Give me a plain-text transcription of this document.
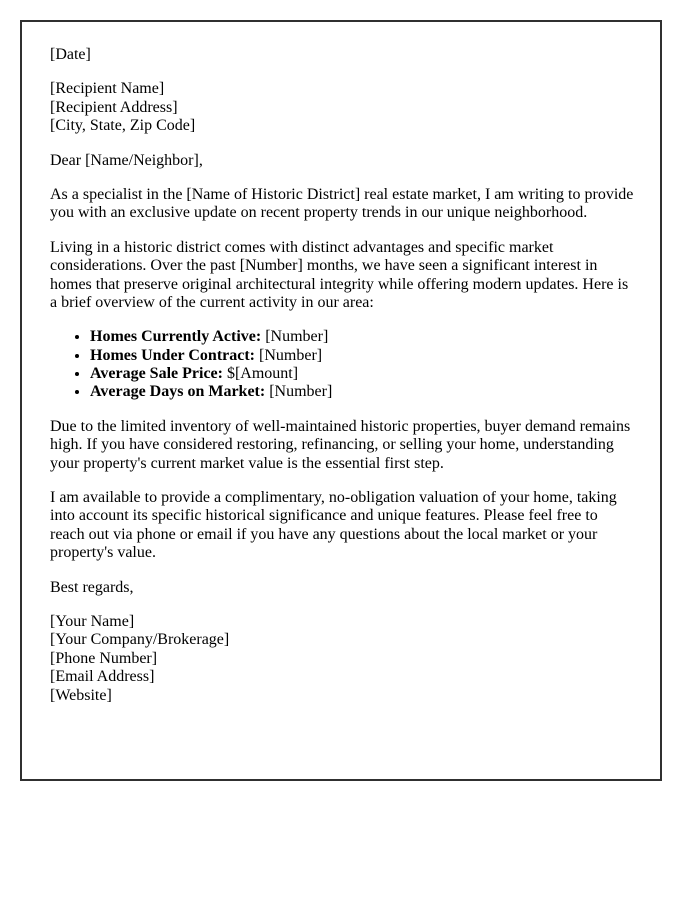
[Date]

[Recipient Name]
[Recipient Address]
[City, State, Zip Code]

Dear [Name/Neighbor],

As a specialist in the [Name of Historic District] real estate market, I am writing to provide you with an exclusive update on recent property trends in our unique neighborhood.

Living in a historic district comes with distinct advantages and specific market considerations. Over the past [Number] months, we have seen a significant interest in homes that preserve original architectural integrity while offering modern updates. Here is a brief overview of the current activity in our area:

• Homes Currently Active: [Number]
• Homes Under Contract: [Number]
• Average Sale Price: $[Amount]
• Average Days on Market: [Number]

Due to the limited inventory of well-maintained historic properties, buyer demand remains high. If you have considered restoring, refinancing, or selling your home, understanding your property's current market value is the essential first step.

I am available to provide a complimentary, no-obligation valuation of your home, taking into account its specific historical significance and unique features. Please feel free to reach out via phone or email if you have any questions about the local market or your property's value.

Best regards,

[Your Name]
[Your Company/Brokerage]
[Phone Number]
[Email Address]
[Website]
